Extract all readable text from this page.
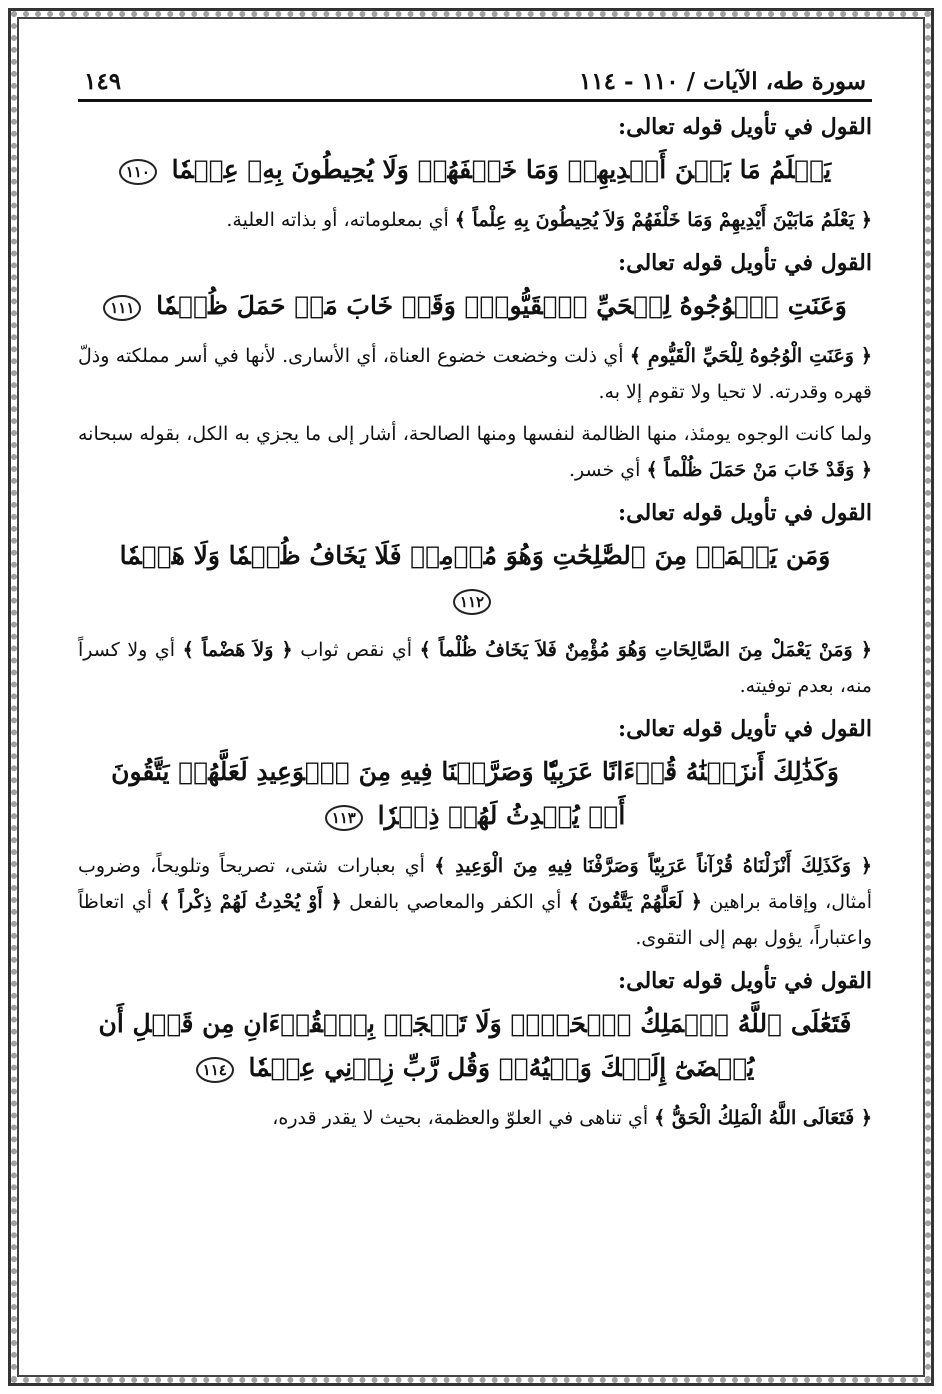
سورة طه، الآيات / ١١٠ - ١١٤
١٤٩
القول في تأويل قوله تعالى:
يَعۡلَمُ مَا بَيۡنَ أَيۡدِيهِمۡ وَمَا خَلۡفَهُمۡ وَلَا يُحِيطُونَ بِهِۦ عِلۡمٗا ١١٠

﴿ يَعْلَمُ مَابَيْنَ أَيْدِيهِمْ وَمَا خَلْفَهُمْ وَلاَ يُحِيطُونَ بِهِ عِلْماً ﴾ أي بمعلوماته، أو بذاته العلية.

القول في تأويل قوله تعالى:
وَعَنَتِ ٱلۡوُجُوهُ لِلۡحَيِّ ٱلۡقَيُّومِۖ وَقَدۡ خَابَ مَنۡ حَمَلَ ظُلۡمٗا ١١١

﴿ وَعَنَتِ الْوُجُوهُ لِلْحَيِّ الْقَيُّومِ ﴾ أي ذلت وخضعت خضوع العناة، أي الأسارى. لأنها في أسر مملكته وذلّ قهره وقدرته. لا تحيا ولا تقوم إلا به.

ولما كانت الوجوه يومئذ، منها الظالمة لنفسها ومنها الصالحة، أشار إلى ما يجزي به الكل، بقوله سبحانه ﴿ وَقَدْ خَابَ مَنْ حَمَلَ ظُلْماً ﴾ أي خسر.

القول في تأويل قوله تعالى:
وَمَن يَعۡمَلۡ مِنَ ٱلصَّٰلِحَٰتِ وَهُوَ مُؤۡمِنٞ فَلَا يَخَافُ ظُلۡمٗا وَلَا هَضۡمٗا ١١٢

﴿ وَمَنْ يَعْمَلْ مِنَ الصَّالِحَاتِ وَهُوَ مُؤْمِنٌ فَلاَ يَخَافُ ظُلْماً ﴾ أي نقص ثواب ﴿ وَلاَ هَضْماً ﴾ أي ولا كسراً منه، بعدم توفيته.

القول في تأويل قوله تعالى:
وَكَذَٰلِكَ أَنزَلۡنَٰهُ قُرۡءَانًا عَرَبِيّٗا وَصَرَّفۡنَا فِيهِ مِنَ ٱلۡوَعِيدِ لَعَلَّهُمۡ يَتَّقُونَ أَوۡ يُحۡدِثُ لَهُمۡ ذِكۡرٗا ١١٣

﴿ وَكَذَلِكَ أَنْزَلْنَاهُ قُرْآناً عَرَبِيّاً وَصَرَّفْنَا فِيهِ مِنَ الْوَعِيدِ ﴾ أي بعبارات شتى، تصريحاً وتلويحاً، وضروب أمثال، وإقامة براهين ﴿ لَعَلَّهُمْ يَتَّقُونَ ﴾ أي الكفر والمعاصي بالفعل ﴿ أَوْ يُحْدِثُ لَهُمْ ذِكْراً ﴾ أي اتعاظاً واعتباراً، يؤول بهم إلى التقوى.

القول في تأويل قوله تعالى:
فَتَعَٰلَى ٱللَّهُ ٱلۡمَلِكُ ٱلۡحَقُّۗ وَلَا تَعۡجَلۡ بِٱلۡقُرۡءَانِ مِن قَبۡلِ أَن يُقۡضَىٰٓ إِلَيۡكَ وَحۡيُهُۥۖ وَقُل رَّبِّ زِدۡنِي عِلۡمٗا ١١٤

﴿ فَتَعَالَى اللَّهُ الْمَلِكُ الْحَقُّ ﴾ أي تناهى في العلوّ والعظمة، بحيث لا يقدر قدره،
